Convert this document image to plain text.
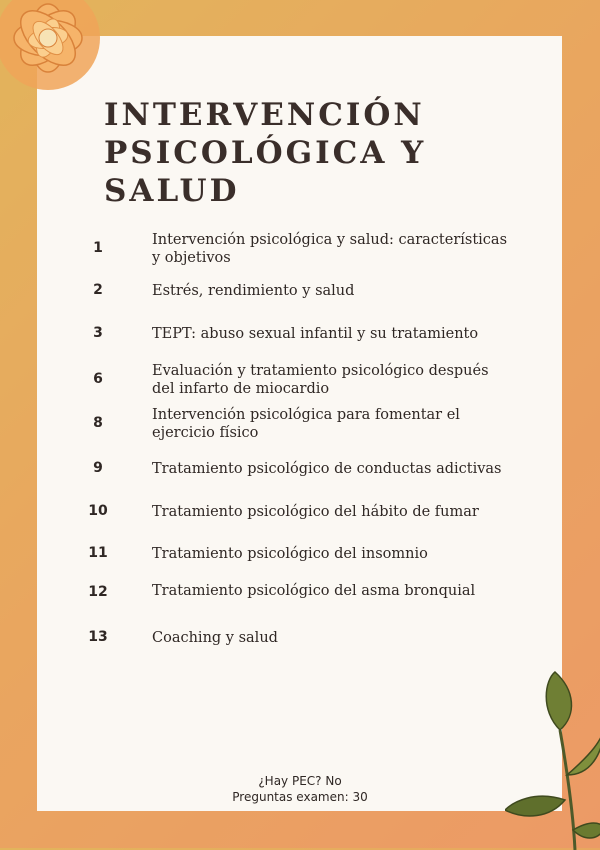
INTERVENCIÓN
PSICOLÓGICA Y SALUD
1	Intervención psicológica y salud: características y objetivos
2	Estrés, rendimiento y salud
3	TEPT: abuso sexual infantil y su tratamiento
6	Evaluación y tratamiento psicológico después del infarto de miocardio
8	Intervención psicológica para fomentar el ejercicio físico
9	Tratamiento psicológico de conductas adictivas
10	Tratamiento psicológico del hábito de fumar
11	Tratamiento psicológico del insomnio
12	Tratamiento psicológico del asma bronquial
13	Coaching y salud
¿Hay PEC? No
Preguntas examen: 30
